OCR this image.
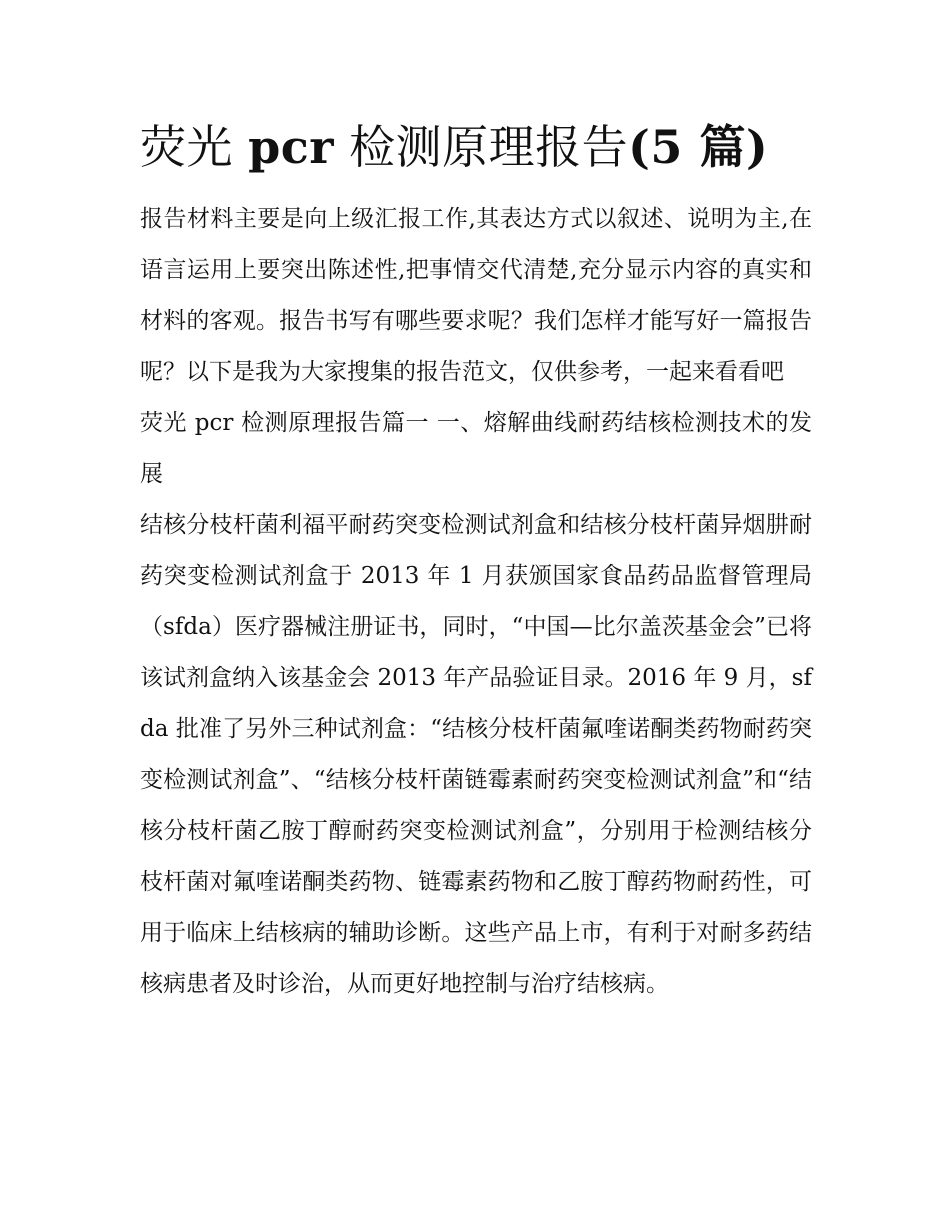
荧光 pcr 检测原理报告(5 篇)

报告材料主要是向上级汇报工作,其表达方式以叙述、说明为主,在语言运用上要突出陈述性,把事情交代清楚,充分显示内容的真实和材料的客观。报告书写有哪些要求呢？我们怎样才能写好一篇报告呢？以下是我为大家搜集的报告范文，仅供参考，一起来看看吧

荧光 pcr 检测原理报告篇一 一、熔解曲线耐药结核检测技术的发展

结核分枝杆菌利福平耐药突变检测试剂盒和结核分枝杆菌异烟肼耐药突变检测试剂盒于 2013 年 1 月获颁国家食品药品监督管理局（sfda）医疗器械注册证书，同时，“中国—比尔盖茨基金会”已将该试剂盒纳入该基金会 2013 年产品验证目录。2016 年 9 月，sfda 批准了另外三种试剂盒：“结核分枝杆菌氟喹诺酮类药物耐药突变检测试剂盒”、“结核分枝杆菌链霉素耐药突变检测试剂盒”和“结核分枝杆菌乙胺丁醇耐药突变检测试剂盒”，分别用于检测结核分枝杆菌对氟喹诺酮类药物、链霉素药物和乙胺丁醇药物耐药性，可用于临床上结核病的辅助诊断。这些产品上市，有利于对耐多药结核病患者及时诊治，从而更好地控制与治疗结核病。
